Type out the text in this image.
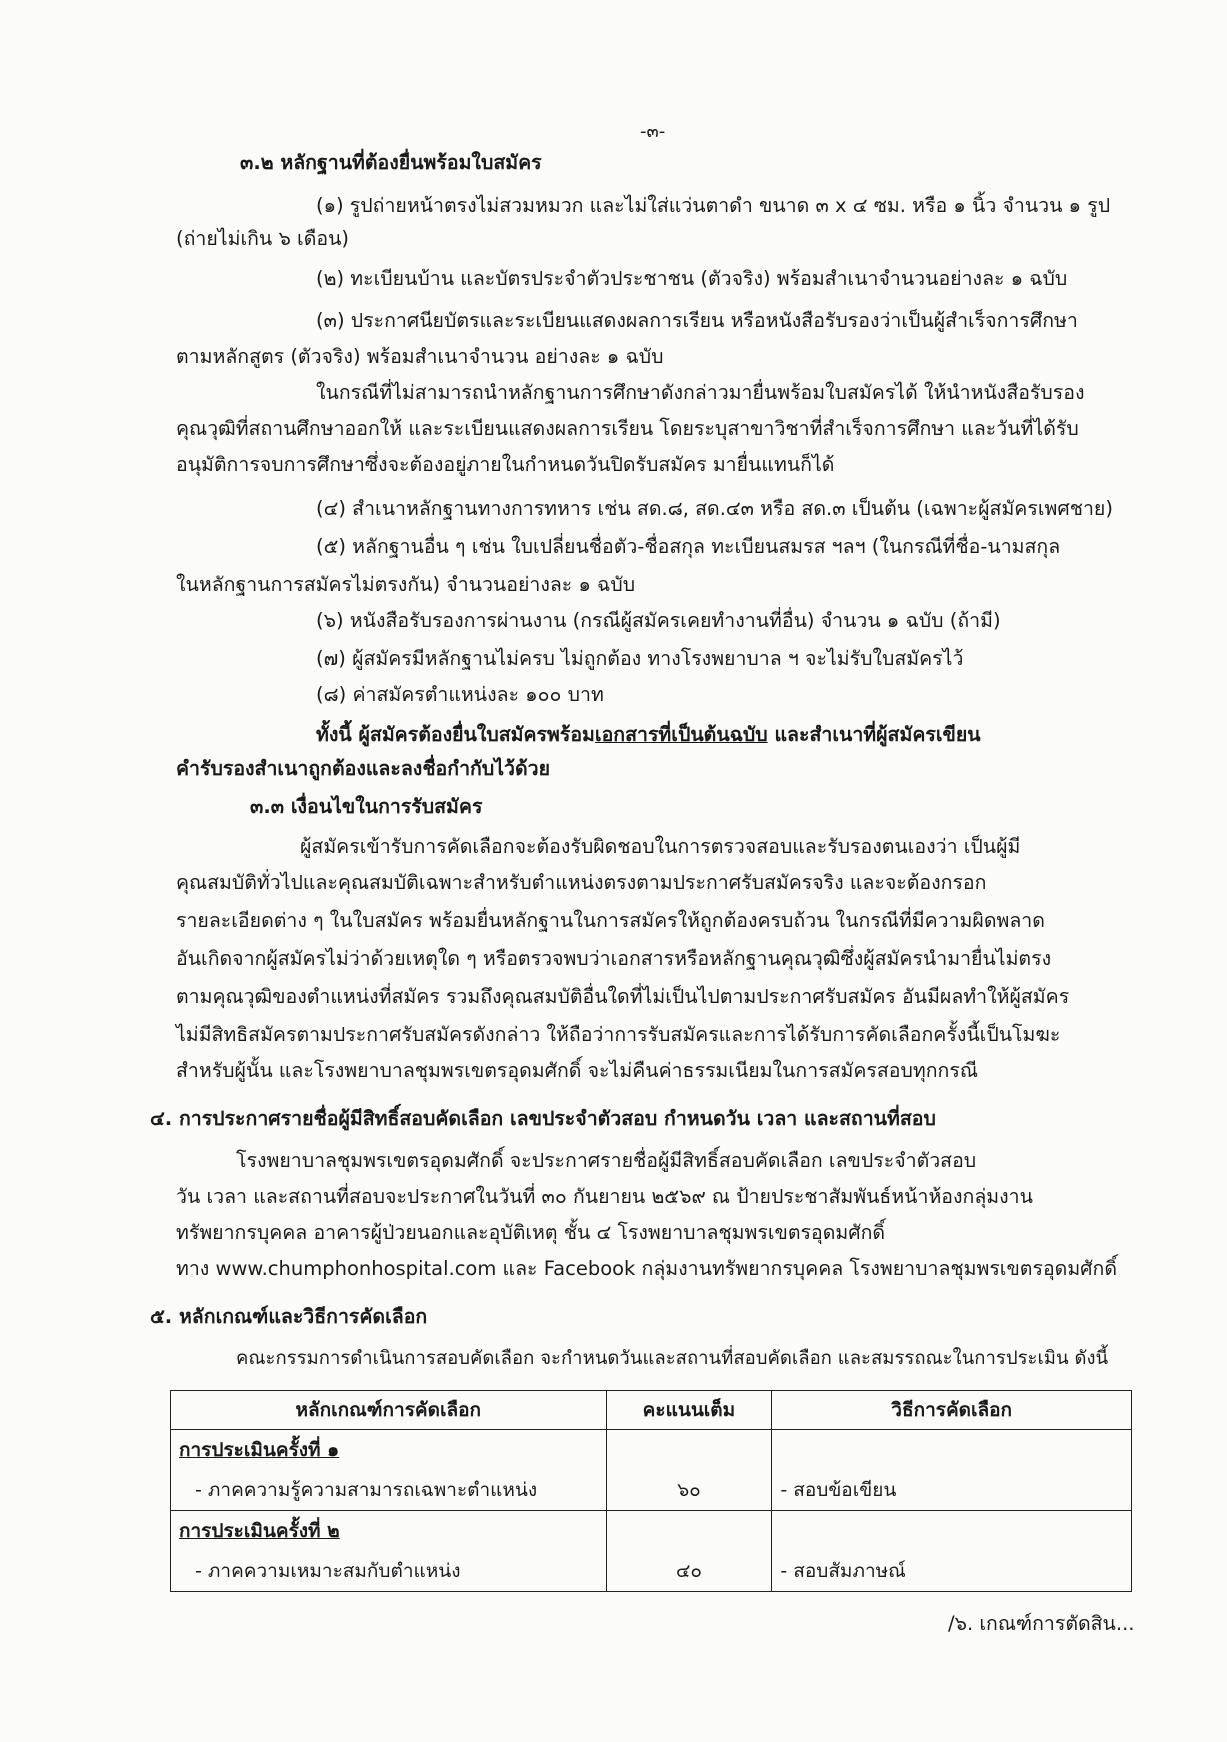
-๓-
๓.๒ หลักฐานที่ต้องยื่นพร้อมใบสมัคร
(๑) รูปถ่ายหน้าตรงไม่สวมหมวก และไม่ใส่แว่นตาดำ ขนาด ๓ x ๔ ซม. หรือ ๑ นิ้ว จำนวน ๑ รูป
(ถ่ายไม่เกิน ๖ เดือน)
(๒) ทะเบียนบ้าน และบัตรประจำตัวประชาชน (ตัวจริง) พร้อมสำเนาจำนวนอย่างละ ๑ ฉบับ
(๓) ประกาศนียบัตรและระเบียนแสดงผลการเรียน หรือหนังสือรับรองว่าเป็นผู้สำเร็จการศึกษา
ตามหลักสูตร (ตัวจริง) พร้อมสำเนาจำนวน อย่างละ ๑ ฉบับ
ในกรณีที่ไม่สามารถนำหลักฐานการศึกษาดังกล่าวมายื่นพร้อมใบสมัครได้ ให้นำหนังสือรับรอง
คุณวุฒิที่สถานศึกษาออกให้ และระเบียนแสดงผลการเรียน โดยระบุสาขาวิชาที่สำเร็จการศึกษา และวันที่ได้รับ
อนุมัติการจบการศึกษาซึ่งจะต้องอยู่ภายในกำหนดวันปิดรับสมัคร มายื่นแทนก็ได้
(๔) สำเนาหลักฐานทางการทหาร เช่น สด.๘, สด.๔๓ หรือ สด.๓ เป็นต้น (เฉพาะผู้สมัครเพศชาย)
(๕) หลักฐานอื่น ๆ เช่น ใบเปลี่ยนชื่อตัว-ชื่อสกุล ทะเบียนสมรส ฯลฯ (ในกรณีที่ชื่อ-นามสกุล
ในหลักฐานการสมัครไม่ตรงกัน) จำนวนอย่างละ ๑ ฉบับ
(๖) หนังสือรับรองการผ่านงาน (กรณีผู้สมัครเคยทำงานที่อื่น) จำนวน ๑ ฉบับ (ถ้ามี)
(๗) ผู้สมัครมีหลักฐานไม่ครบ ไม่ถูกต้อง ทางโรงพยาบาล ฯ จะไม่รับใบสมัครไว้
(๘) ค่าสมัครตำแหน่งละ ๑๐๐ บาท
ทั้งนี้ ผู้สมัครต้องยื่นใบสมัครพร้อมเอกสารที่เป็นต้นฉบับ และสำเนาที่ผู้สมัครเขียน
คำรับรองสำเนาถูกต้องและลงชื่อกำกับไว้ด้วย
๓.๓ เงื่อนไขในการรับสมัคร
ผู้สมัครเข้ารับการคัดเลือกจะต้องรับผิดชอบในการตรวจสอบและรับรองตนเองว่า เป็นผู้มี
คุณสมบัติทั่วไปและคุณสมบัติเฉพาะสำหรับตำแหน่งตรงตามประกาศรับสมัครจริง และจะต้องกรอก
รายละเอียดต่าง ๆ ในใบสมัคร พร้อมยื่นหลักฐานในการสมัครให้ถูกต้องครบถ้วน ในกรณีที่มีความผิดพลาด
อันเกิดจากผู้สมัครไม่ว่าด้วยเหตุใด ๆ หรือตรวจพบว่าเอกสารหรือหลักฐานคุณวุฒิซึ่งผู้สมัครนำมายื่นไม่ตรง
ตามคุณวุฒิของตำแหน่งที่สมัคร รวมถึงคุณสมบัติอื่นใดที่ไม่เป็นไปตามประกาศรับสมัคร อันมีผลทำให้ผู้สมัคร
ไม่มีสิทธิสมัครตามประกาศรับสมัครดังกล่าว ให้ถือว่าการรับสมัครและการได้รับการคัดเลือกครั้งนี้เป็นโมฆะ
สำหรับผู้นั้น และโรงพยาบาลชุมพรเขตรอุดมศักดิ์ จะไม่คืนค่าธรรมเนียมในการสมัครสอบทุกกรณี
๔. การประกาศรายชื่อผู้มีสิทธิ์สอบคัดเลือก เลขประจำตัวสอบ กำหนดวัน เวลา และสถานที่สอบ
โรงพยาบาลชุมพรเขตรอุดมศักดิ์ จะประกาศรายชื่อผู้มีสิทธิ์สอบคัดเลือก เลขประจำตัวสอบ
วัน เวลา และสถานที่สอบจะประกาศในวันที่ ๓๐ กันยายน ๒๕๖๙ ณ ป้ายประชาสัมพันธ์หน้าห้องกลุ่มงาน
ทรัพยากรบุคคล อาคารผู้ป่วยนอกและอุบัติเหตุ ชั้น ๔ โรงพยาบาลชุมพรเขตรอุดมศักดิ์
ทาง www.chumphonhospital.com และ Facebook กลุ่มงานทรัพยากรบุคคล โรงพยาบาลชุมพรเขตรอุดมศักดิ์
๕. หลักเกณฑ์และวิธีการคัดเลือก
คณะกรรมการดำเนินการสอบคัดเลือก จะกำหนดวันและสถานที่สอบคัดเลือก และสมรรถณะในการประเมิน ดังนี้
หลักเกณฑ์การคัดเลือก	คะแนนเต็ม	วิธีการคัดเลือก

การประเมินครั้งที่ ๑
- ภาคความรู้ความสามารถเฉพาะตำแหน่ง	๖๐	- สอบข้อเขียน

การประเมินครั้งที่ ๒
- ภาคความเหมาะสมกับตำแหน่ง	๔๐	- สอบสัมภาษณ์
/๖. เกณฑ์การตัดสิน...
